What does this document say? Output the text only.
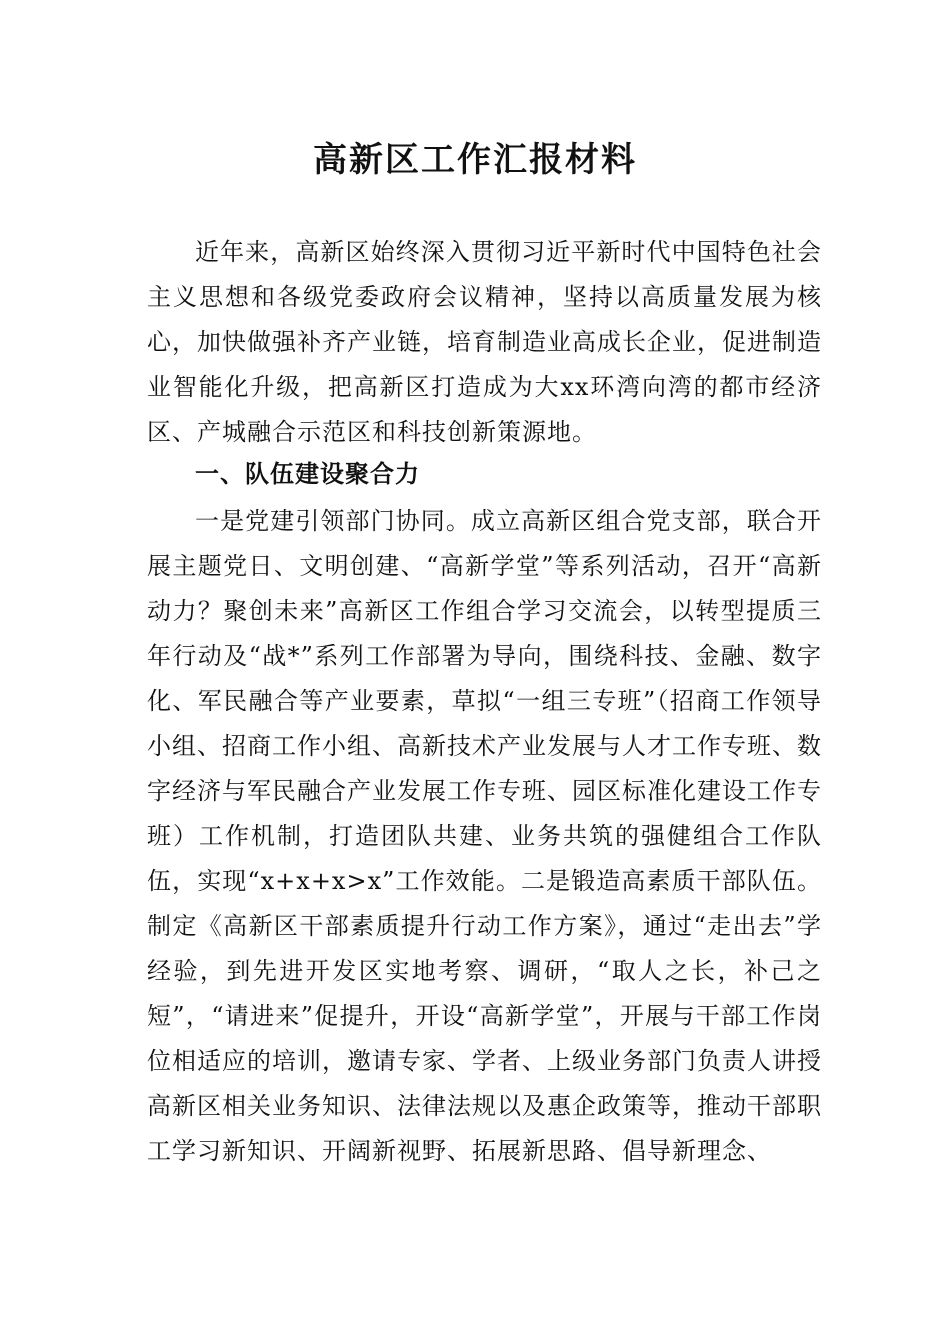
高新区工作汇报材料

近年来，高新区始终深入贯彻习近平新时代中国特色社会主义思想和各级党委政府会议精神，坚持以高质量发展为核心，加快做强补齐产业链，培育制造业高成长企业，促进制造业智能化升级，把高新区打造成为大xx环湾向湾的都市经济区、产城融合示范区和科技创新策源地。

一、队伍建设聚合力

一是党建引领部门协同。成立高新区组合党支部，联合开展主题党日、文明创建、“高新学堂”等系列活动，召开“高新动力？聚创未来”高新区工作组合学习交流会，以转型提质三年行动及“战*”系列工作部署为导向，围绕科技、金融、数字化、军民融合等产业要素，草拟“一组三专班”（招商工作领导小组、招商工作小组、高新技术产业发展与人才工作专班、数字经济与军民融合产业发展工作专班、园区标准化建设工作专班）工作机制，打造团队共建、业务共筑的强健组合工作队伍，实现“x+x+x>x”工作效能。二是锻造高素质干部队伍。制定《高新区干部素质提升行动工作方案》，通过“走出去”学经验，到先进开发区实地考察、调研，“取人之长，补己之短”，“请进来”促提升，开设“高新学堂”，开展与干部工作岗位相适应的培训，邀请专家、学者、上级业务部门负责人讲授高新区相关业务知识、法律法规以及惠企政策等，推动干部职工学习新知识、开阔新视野、拓展新思路、倡导新理念、
